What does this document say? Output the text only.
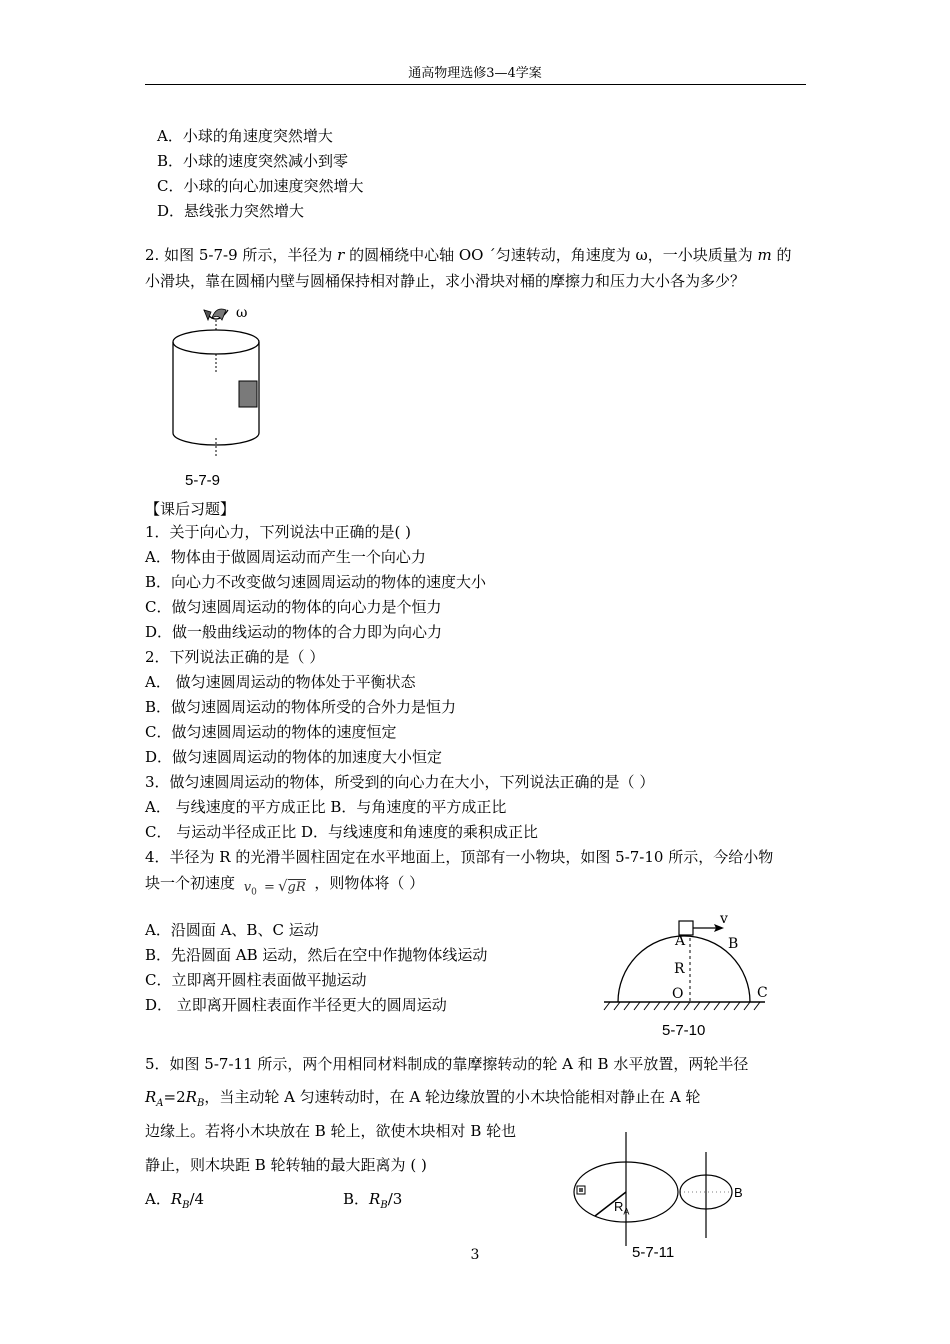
通高物理选修3—4学案
A．小球的角速度突然增大
B．小球的速度突然减小到零
C．小球的向心加速度突然增大
D．悬线张力突然增大
2. 如图 5-7-9 所示，半径为 r 的圆桶绕中心轴 OO ˊ匀速转动，角速度为 ω，一小块质量为 m 的
小滑块，靠在圆桶内壁与圆桶保持相对静止，求小滑块对桶的摩擦力和压力大小各为多少？
ω
5-7-9
【课后习题】
1．关于向心力，下列说法中正确的是( )
A．物体由于做圆周运动而产生一个向心力
B．向心力不改变做匀速圆周运动的物体的速度大小
C．做匀速圆周运动的物体的向心力是个恒力
D．做一般曲线运动的物体的合力即为向心力
2．下列说法正确的是（ ）
A． 做匀速圆周运动的物体处于平衡状态
B．做匀速圆周运动的物体所受的合外力是恒力
C．做匀速圆周运动的物体的速度恒定
D．做匀速圆周运动的物体的加速度大小恒定
3．做匀速圆周运动的物体，所受到的向心力在大小，下列说法正确的是（ ）
A． 与线速度的平方成正比 B．与角速度的平方成正比
C． 与运动半径成正比 D．与线速度和角速度的乘积成正比
4．半径为 R 的光滑半圆柱固定在水平地面上，顶部有一小物块，如图 5-7-10 所示，今给小物
块一个初速度 $v_0 = √gR$ ，则物体将（ ）
A．沿圆面 A、B、C 运动
B．先沿圆面 AB 运动，然后在空中作抛物体线运动
C．立即离开圆柱表面做平抛运动
D． 立即离开圆柱表面作半径更大的圆周运动
v
A	B
R
O	C
5-7-10
5．如图 5-7-11 所示，两个用相同材料制成的靠摩擦转动的轮 A 和 B 水平放置，两轮半径
$R_A=2R_B$，当主动轮 A 匀速转动时，在 A 轮边缘放置的小木块恰能相对静止在 A 轮
边缘上。若将小木块放在 B 轮上，欲使木块相对 B 轮也
静止，则木块距 B 轮转轴的最大距离为 ( )
A．$R_B/4$	B．$R_B/3$	$R_A$
B
5-7-11
3
